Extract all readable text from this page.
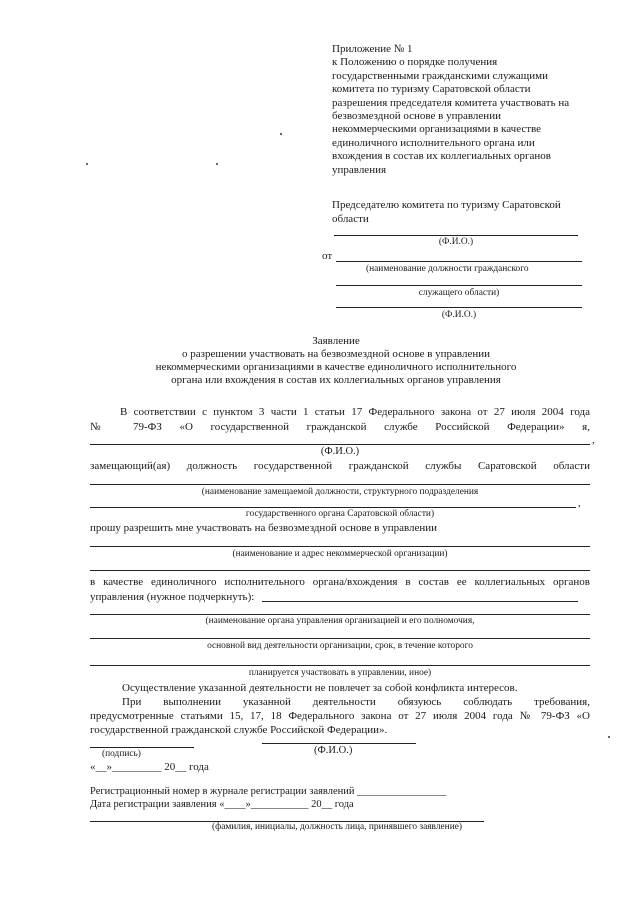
Приложение № 1
к Положению о порядке получения
государственными гражданскими служащими
комитета по туризму Саратовской области
разрешения председателя комитета участвовать на
безвозмездной основе в управлении
некоммерческими организациями в качестве
единоличного исполнительного органа или
вхождения в состав их коллегиальных органов
управления
Председателю комитета по туризму Саратовской
области
(Ф.И.О.)
от
(наименование должности гражданского
служащего области)
(Ф.И.О.)
Заявление
о разрешении участвовать на безвозмездной основе в управлении
некоммерческими организациями в качестве единоличного исполнительного
органа или вхождения в состав их коллегиальных органов управления
В соответствии с пунктом 3 части 1 статьи 17 Федерального закона от 27 июля 2004 года
№ 79-ФЗ «О государственной гражданской службе Российской Федерации» я,
,
(Ф.И.О.)
замещающий(ая) должность государственной гражданской службы Саратовской области
(наименование замещаемой должности, структурного подразделения
,
государственного органа Саратовской области)
прошу разрешить мне участвовать на безвозмездной основе в управлении
(наименование и адрес некоммерческой организации)
в качестве единоличного исполнительного органа/вхождения в состав ее коллегиальных органов
управления (нужное подчеркнуть):
(наименование органа управления организацией и его полномочия,
основной вид деятельности организации, срок, в течение которого
планируется участвовать в управлении, иное)
Осуществление указанной деятельности не повлечет за собой конфликта интересов.
При выполнении указанной деятельности обязуюсь соблюдать требования,
предусмотренные статьями 15, 17, 18 Федерального закона от 27 июля 2004 года № 79-ФЗ «О
государственной гражданской службе Российской Федерации».
(подпись)	(Ф.И.О.)
«__»_________ 20__ года
Регистрационный номер в журнале регистрации заявлений _________________
Дата регистрации заявления «____»___________ 20__ года
(фамилия, инициалы, должность лица, принявшего заявление)
